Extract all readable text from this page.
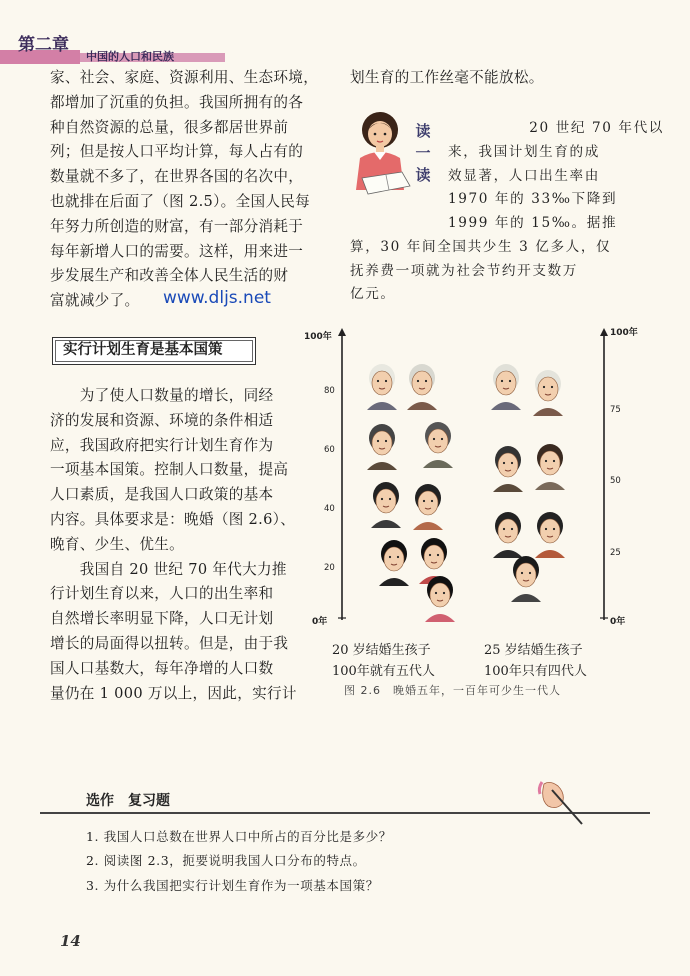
第二章
中国的人口和民族
家、社会、家庭、资源利用、生态环境，
都增加了沉重的负担。我国所拥有的各
种自然资源的总量，很多都居世界前
列；但是按人口平均计算，每人占有的
数量就不多了，在世界各国的名次中，
也就排在后面了（图 2.5）。全国人民每
年努力所创造的财富，有一部分消耗于
每年新增人口的需要。这样，用来进一
步发展生产和改善全体人民生活的财
富就减少了。	www.dljs.net
划生育的工作丝毫不能放松。
读
一
读
20 世纪 70 年代以
来，我国计划生育的成
效显著，人口出生率由
1970 年的 33‰下降到
1999 年的 15‰。据推
算，30 年间全国共少生 3 亿多人，仅
抚养费一项就为社会节约开支数万
亿元。
实行计划生育是基本国策
　　为了使人口数量的增长，同经
济的发展和资源、环境的条件相适
应，我国政府把实行计划生育作为
一项基本国策。控制人口数量，提高
人口素质，是我国人口政策的基本
内容。具体要求是：晚婚（图 2.6）、
晚育、少生、优生。
　　我国自 20 世纪 70 年代大力推
行计划生育以来，人口的出生率和
自然增长率明显下降，人口无计划
增长的局面得以扭转。但是，由于我
国人口基数大，每年净增的人口数
量仍在 1 000 万以上，因此，实行计
100年
0年
80
60
40
20
100年
0年
75
50
25
20 岁结婚生孩子
100年就有五代人
25 岁结婚生孩子
100年只有四代人
图 2.6　晚婚五年，一百年可少生一代人
选作　复习题
1. 我国人口总数在世界人口中所占的百分比是多少？
2. 阅读图 2.3，扼要说明我国人口分布的特点。
3. 为什么我国把实行计划生育作为一项基本国策？
14
